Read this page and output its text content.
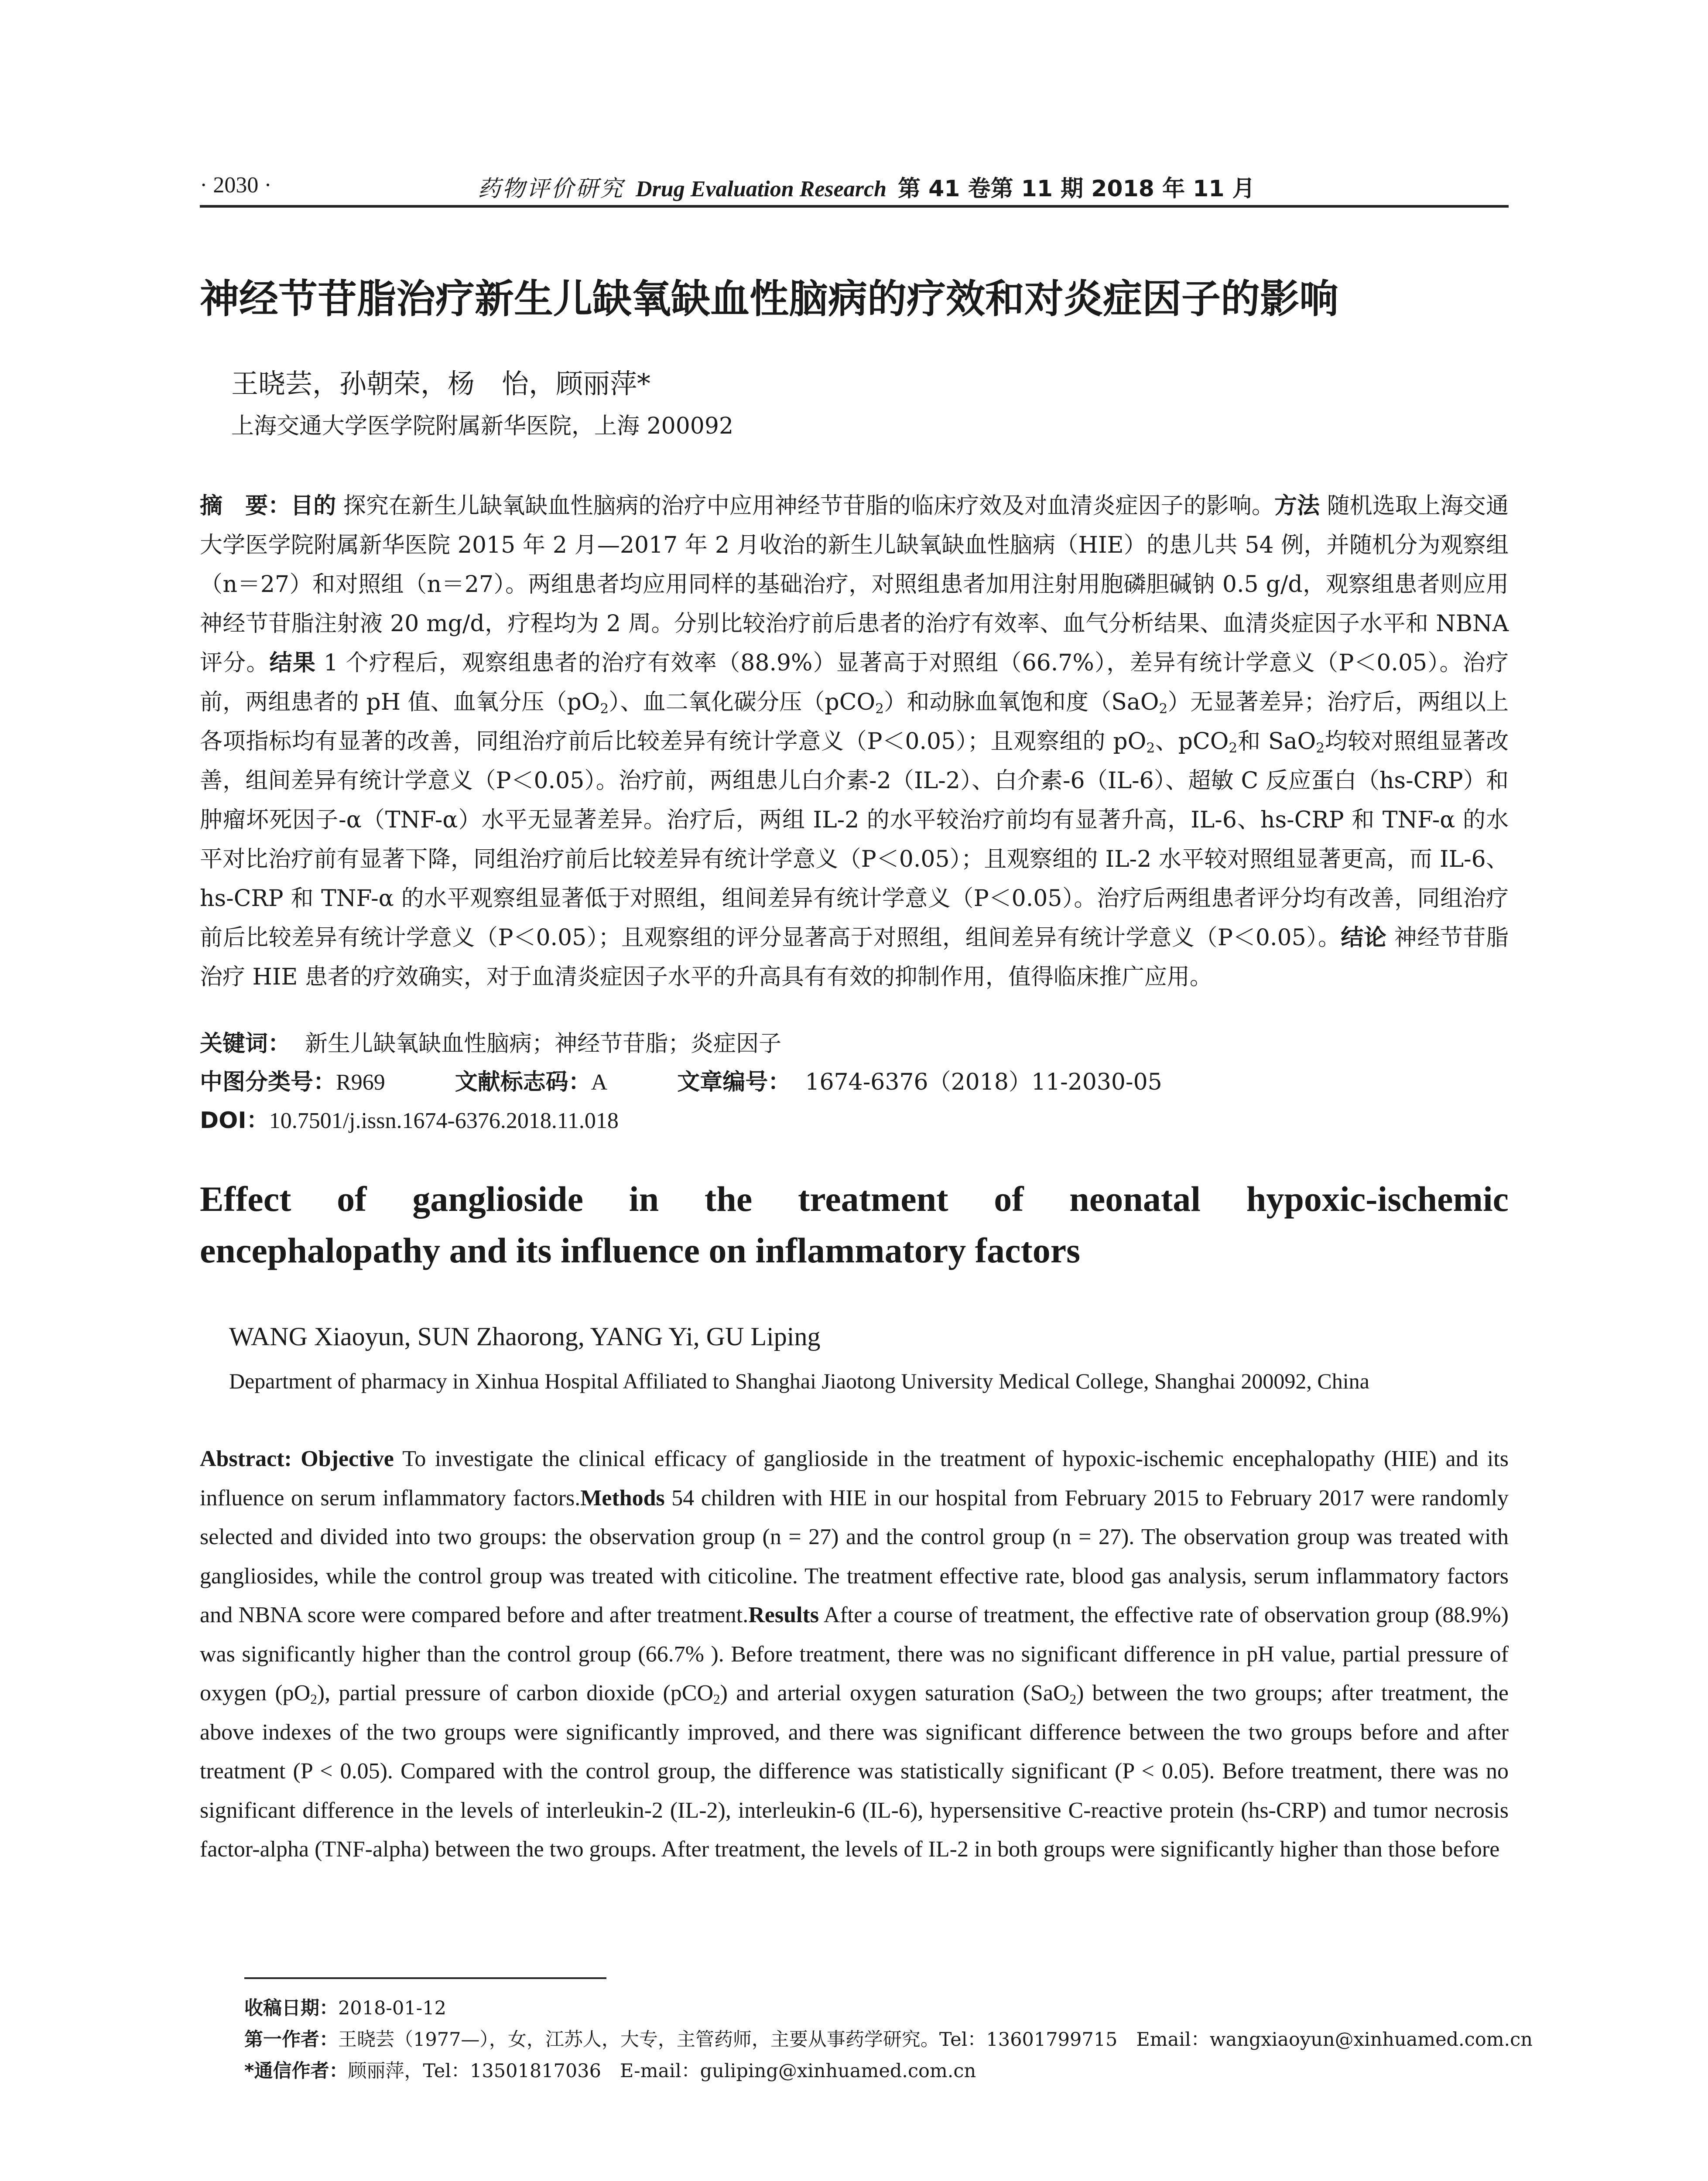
· 2030 ·	药物评价研究 Drug Evaluation Research 第 41 卷第 11 期 2018 年 11 月
神经节苷脂治疗新生儿缺氧缺血性脑病的疗效和对炎症因子的影响
王晓芸，孙朝荣，杨　怡，顾丽萍*
上海交通大学医学院附属新华医院，上海 200092
摘　要：目的 探究在新生儿缺氧缺血性脑病的治疗中应用神经节苷脂的临床疗效及对血清炎症因子的影响。方法 随机选取上海交通大学医学院附属新华医院 2015 年 2 月—2017 年 2 月收治的新生儿缺氧缺血性脑病（HIE）的患儿共 54 例，并随机分为观察组（n＝27）和对照组（n＝27）。两组患者均应用同样的基础治疗，对照组患者加用注射用胞磷胆碱钠 0.5 g/d，观察组患者则应用神经节苷脂注射液 20 mg/d，疗程均为 2 周。分别比较治疗前后患者的治疗有效率、血气分析结果、血清炎症因子水平和 NBNA 评分。结果 1 个疗程后，观察组患者的治疗有效率（88.9%）显著高于对照组（66.7%），差异有统计学意义（P＜0.05）。治疗前，两组患者的 pH 值、血氧分压$(pO_2)$、血二氧化碳分压（pCO$_2$）和动脉血氧饱和度（SaO$_2$）无显著差异；治疗后，两组以上各项指标均有显著的改善，同组治疗前后比较差异有统计学意义（P＜0.05）；且观察组的 $pO_2$、pCO$_2$和 SaO$_2$均较对照组显著改善，组间差异有统计学意义（P＜0.05）。治疗前，两组患儿白介素-2（IL-2）、白介素-6（IL-6）、超敏 C 反应蛋白（hs-CRP）和肿瘤坏死因子-α（TNF-α）水平无显著差异。治疗后，两组 IL-2 的水平较治疗前均有显著升高，IL-6、hs-CRP 和 TNF-α 的水平对比治疗前有显著下降，同组治疗前后比较差异有统计学意义（P＜0.05）；且观察组的 IL-2 水平较对照组显著更高，而 IL-6、hs-CRP 和 TNF-α 的水平观察组显著低于对照组，组间差异有统计学意义（P＜0.05）。治疗后两组患者评分均有改善，同组治疗前后比较差异有统计学意义（P＜0.05）；且观察组的评分显著高于对照组，组间差异有统计学意义（P＜0.05）。结论 神经节苷脂治疗 HIE 患者的疗效确实，对于血清炎症因子水平的升高具有有效的抑制作用，值得临床推广应用。
关键词： 新生儿缺氧缺血性脑病；神经节苷脂；炎症因子
中图分类号：R969	文献标志码：A	文章编号： 1674-6376（2018）11-2030-05
DOI：10.7501/j.issn.1674-6376.2018.11.018
Effect of ganglioside in the treatment of neonatal hypoxic-ischemic
encephalopathy and its influence on inflammatory factors
WANG Xiaoyun, SUN Zhaorong, YANG Yi, GU Liping
Department of pharmacy in Xinhua Hospital Affiliated to Shanghai Jiaotong University Medical College, Shanghai 200092, China
Abstract: Objective To investigate the clinical efficacy of ganglioside in the treatment of hypoxic-ischemic encephalopathy (HIE) and its influence on serum inflammatory factors.Methods 54 children with HIE in our hospital from February 2015 to February 2017 were randomly selected and divided into two groups: the observation group (n = 27) and the control group (n = 27). The observation group was treated with gangliosides, while the control group was treated with citicoline. The treatment effective rate, blood gas analysis, serum inflammatory factors and NBNA score were compared before and after treatment.Results After a course of treatment, the effective rate of observation group (88.9%) was significantly higher than the control group (66.7% ). Before treatment, there was no significant difference in pH value, partial pressure of oxygen $(pO_2)$, partial pressure of carbon dioxide (pCO$_2$) and arterial oxygen saturation (SaO$_2$) between the two groups; after treatment, the above indexes of the two groups were significantly improved, and there was significant difference between the two groups before and after treatment (P < 0.05). Compared with the control group, the difference was statistically significant (P < 0.05). Before treatment, there was no significant difference in the levels of interleukin-2 (IL-2), interleukin-6 (IL-6), hypersensitive C-reactive protein (hs-CRP) and tumor necrosis factor-alpha (TNF-alpha) between the two groups. After treatment, the levels of IL-2 in both groups were significantly higher than those before
收稿日期：2018-01-12
第一作者：王晓芸（1977—），女，江苏人，大专，主管药师，主要从事药学研究。Tel：13601799715　Email：wangxiaoyun@xinhuamed.com.cn
*通信作者：顾丽萍，Tel：13501817036　E-mail：guliping@xinhuamed.com.cn
